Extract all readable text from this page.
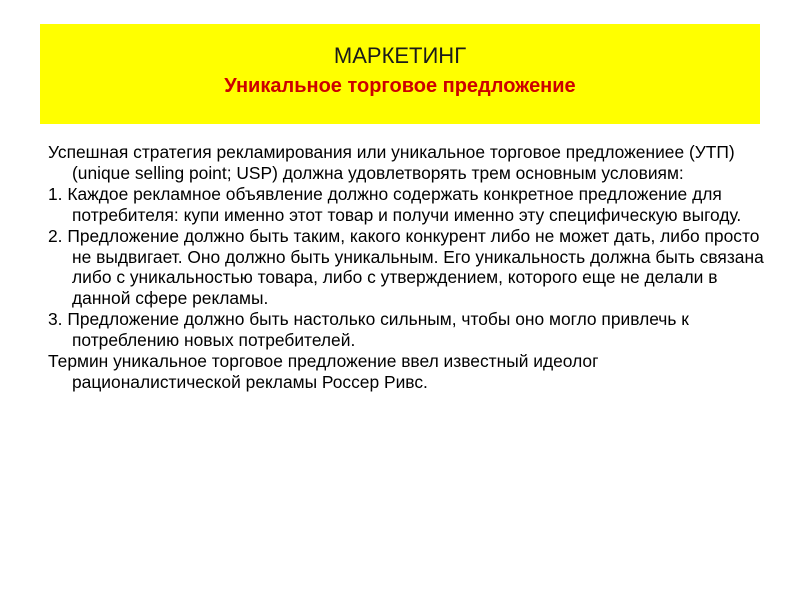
МАРКЕТИНГ
Уникальное торговое предложение

Успешная стратегия рекламирования или уникальное торговое предложениее (УТП) (unique selling point; USP) должна удовлетворять трем основным условиям:

1. Каждое рекламное объявление должно содержать конкретное предложение для потребителя: купи именно этот товар и получи именно эту специфическую выгоду.

2. Предложение должно быть таким, какого конкурент либо не может дать, либо просто не выдвигает. Оно должно быть уникальным. Его уникальность должна быть связана либо с уникальностью товара, либо с утверждением, которого еще не делали в данной сфере рекламы.

3. Предложение должно быть настолько сильным, чтобы оно могло привлечь к потреблению новых потребителей.

Термин уникальное торговое предложение ввел известный идеолог рационалистической рекламы Россер Ривс.
